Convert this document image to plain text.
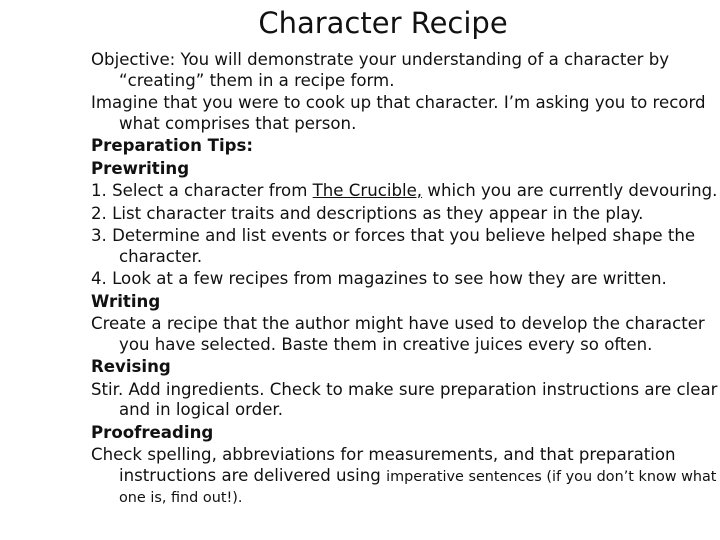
Character Recipe
Objective: You will demonstrate your understanding of a character by
“creating” them in a recipe form.
Imagine that you were to cook up that character. I’m asking you to record
what comprises that person.
Preparation Tips:
Prewriting
1. Select a character from The Crucible, which you are currently devouring.
2. List character traits and descriptions as they appear in the play.
3. Determine and list events or forces that you believe helped shape the
character.
4. Look at a few recipes from magazines to see how they are written.
Writing
Create a recipe that the author might have used to develop the character
you have selected. Baste them in creative juices every so often.
Revising
Stir. Add ingredients. Check to make sure preparation instructions are clear
and in logical order.
Proofreading
Check spelling, abbreviations for measurements, and that preparation
instructions are delivered using imperative sentences (if you don’t know what
one is, find out!).
